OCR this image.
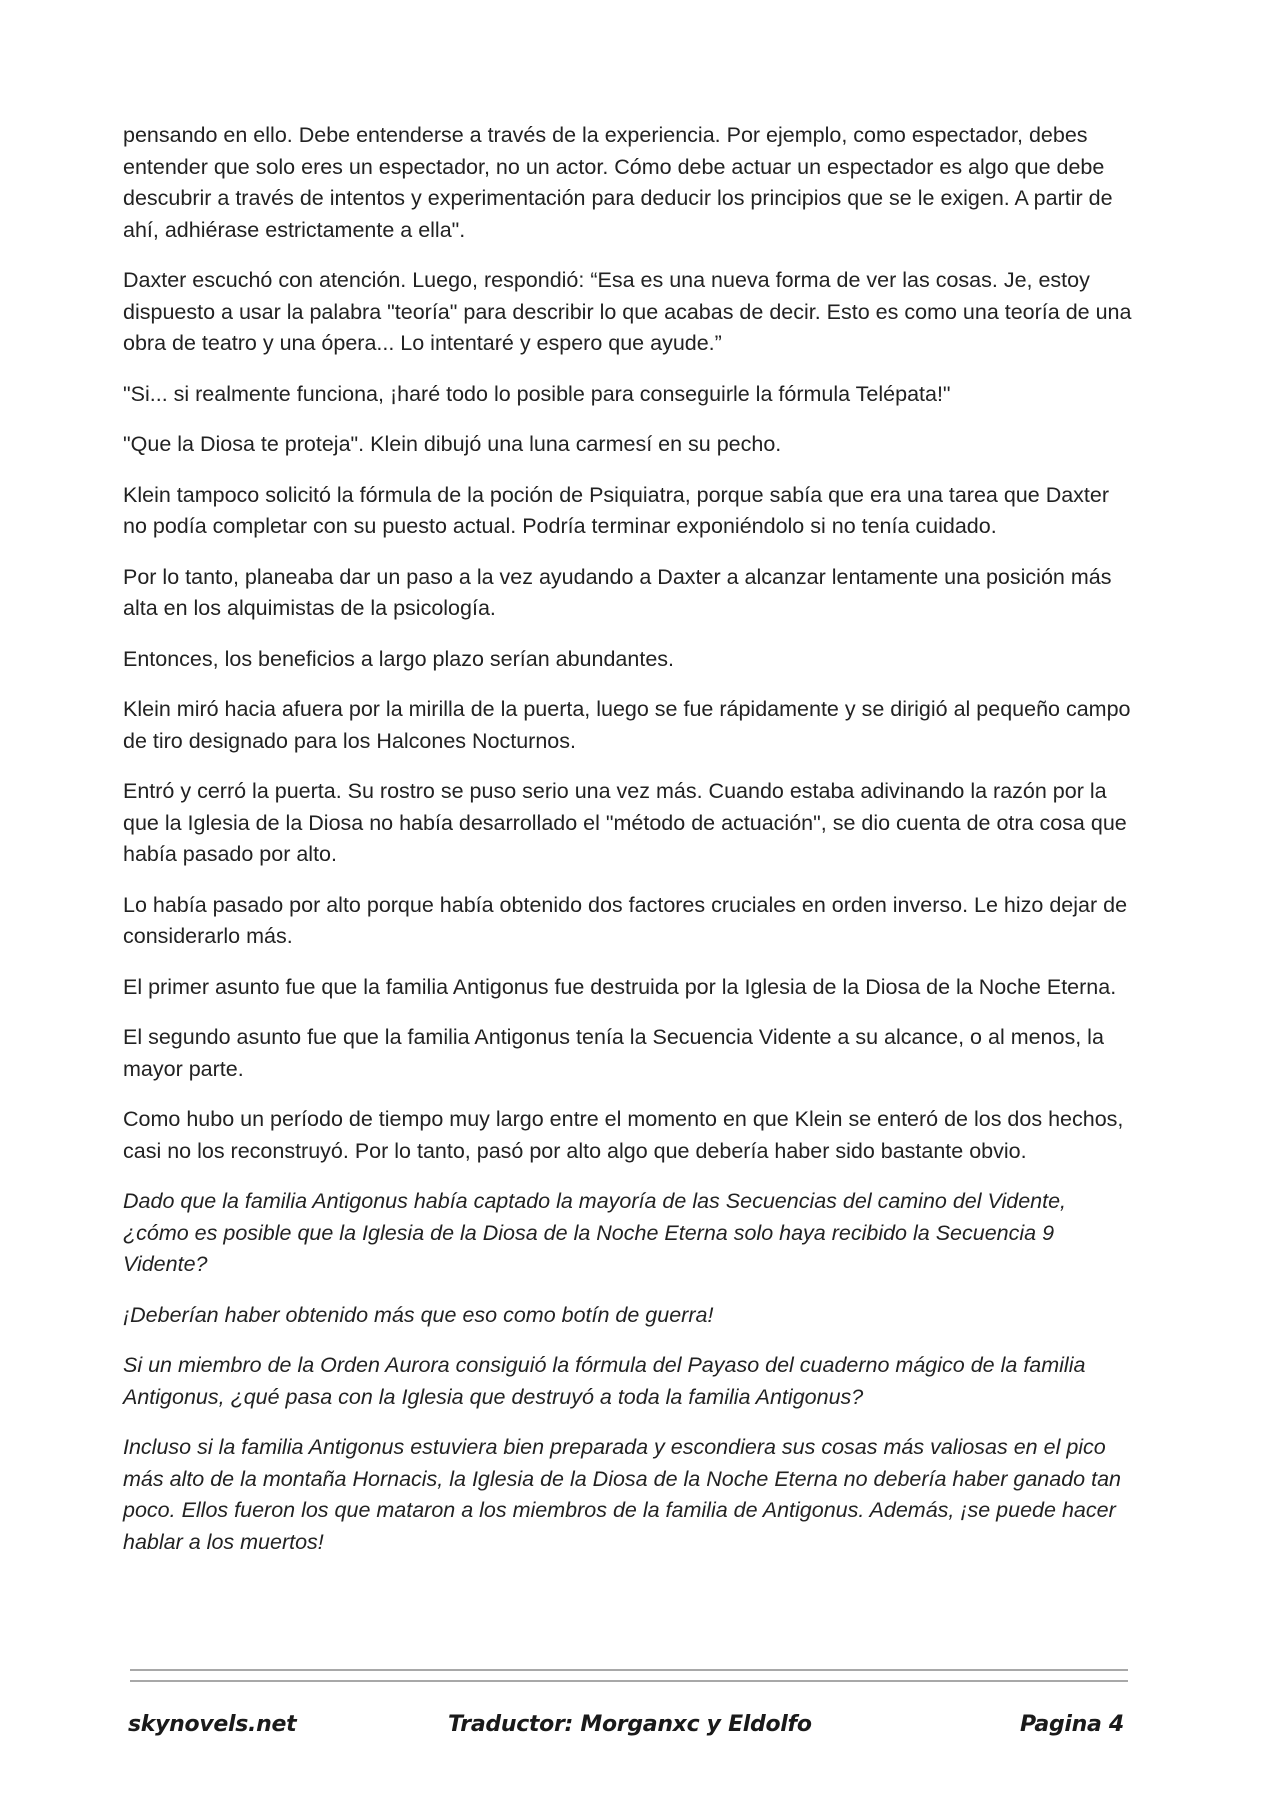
pensando en ello. Debe entenderse a través de la experiencia. Por ejemplo, como espectador, debes entender que solo eres un espectador, no un actor. Cómo debe actuar un espectador es algo que debe descubrir a través de intentos y experimentación para deducir los principios que se le exigen. A partir de ahí, adhiérase estrictamente a ella".

Daxter escuchó con atención. Luego, respondió: “Esa es una nueva forma de ver las cosas. Je, estoy dispuesto a usar la palabra "teoría" para describir lo que acabas de decir. Esto es como una teoría de una obra de teatro y una ópera... Lo intentaré y espero que ayude.”

"Si... si realmente funciona, ¡haré todo lo posible para conseguirle la fórmula Telépata!"

"Que la Diosa te proteja". Klein dibujó una luna carmesí en su pecho.

Klein tampoco solicitó la fórmula de la poción de Psiquiatra, porque sabía que era una tarea que Daxter no podía completar con su puesto actual. Podría terminar exponiéndolo si no tenía cuidado.

Por lo tanto, planeaba dar un paso a la vez ayudando a Daxter a alcanzar lentamente una posición más alta en los alquimistas de la psicología.

Entonces, los beneficios a largo plazo serían abundantes.

Klein miró hacia afuera por la mirilla de la puerta, luego se fue rápidamente y se dirigió al pequeño campo de tiro designado para los Halcones Nocturnos.

Entró y cerró la puerta. Su rostro se puso serio una vez más. Cuando estaba adivinando la razón por la que la Iglesia de la Diosa no había desarrollado el "método de actuación", se dio cuenta de otra cosa que había pasado por alto.

Lo había pasado por alto porque había obtenido dos factores cruciales en orden inverso. Le hizo dejar de considerarlo más.

El primer asunto fue que la familia Antigonus fue destruida por la Iglesia de la Diosa de la Noche Eterna.

El segundo asunto fue que la familia Antigonus tenía la Secuencia Vidente a su alcance, o al menos, la mayor parte.

Como hubo un período de tiempo muy largo entre el momento en que Klein se enteró de los dos hechos, casi no los reconstruyó. Por lo tanto, pasó por alto algo que debería haber sido bastante obvio.

Dado que la familia Antigonus había captado la mayoría de las Secuencias del camino del Vidente, ¿cómo es posible que la Iglesia de la Diosa de la Noche Eterna solo haya recibido la Secuencia 9 Vidente?

¡Deberían haber obtenido más que eso como botín de guerra!

Si un miembro de la Orden Aurora consiguió la fórmula del Payaso del cuaderno mágico de la familia Antigonus, ¿qué pasa con la Iglesia que destruyó a toda la familia Antigonus?

Incluso si la familia Antigonus estuviera bien preparada y escondiera sus cosas más valiosas en el pico más alto de la montaña Hornacis, la Iglesia de la Diosa de la Noche Eterna no debería haber ganado tan poco. Ellos fueron los que mataron a los miembros de la familia de Antigonus. Además, ¡se puede hacer hablar a los muertos!

skynovels.net	Traductor: Morganxc y Eldolfo	Pagina 4
